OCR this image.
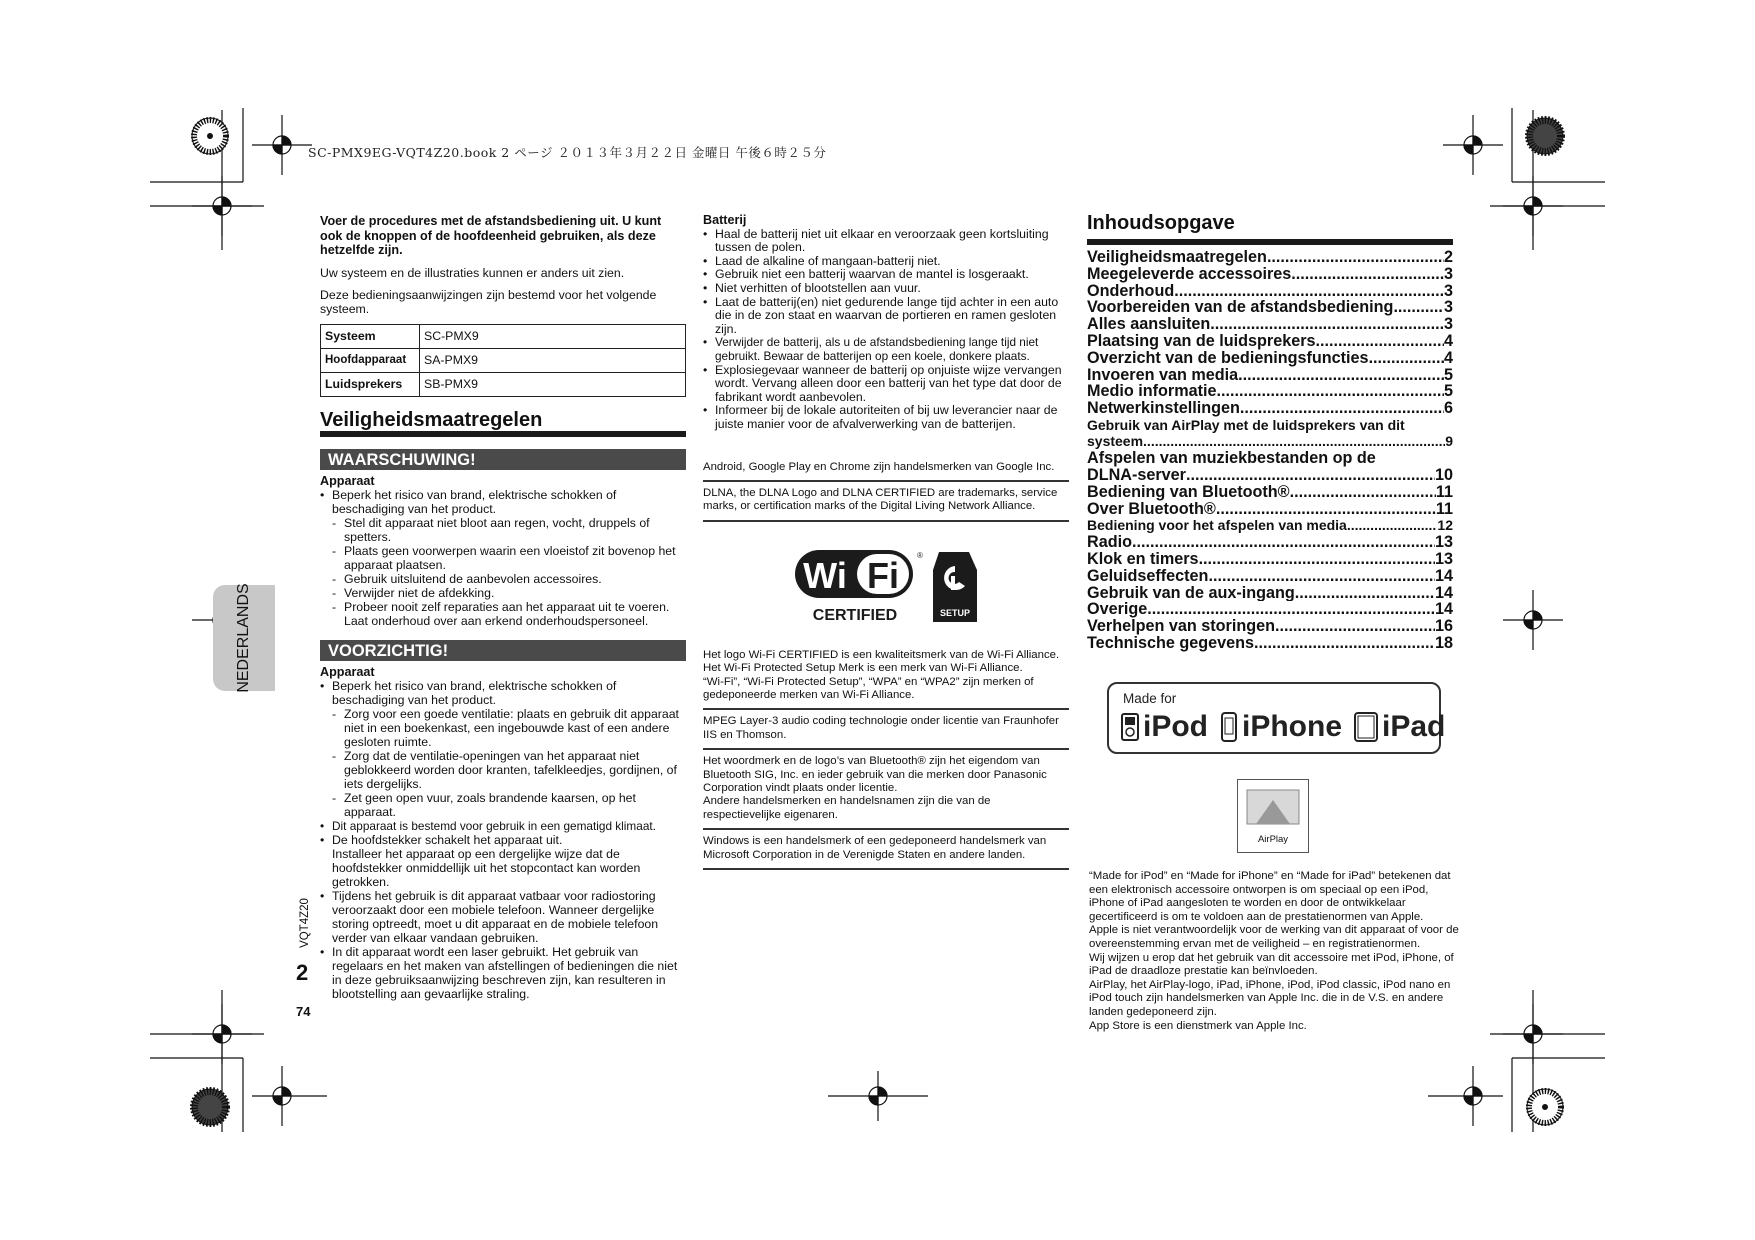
SC-PMX9EG-VQT4Z20.book 2 ページ ２０１３年３月２２日 金曜日 午後６時２５分
NEDERLANDS
VQT4Z20
2
74
Voer de procedures met de afstandsbediening uit. U kunt ook de knoppen of de hoofdeenheid gebruiken, als deze hetzelfde zijn.
Uw systeem en de illustraties kunnen er anders uit zien.
Deze bedieningsaanwijzingen zijn bestemd voor het volgende systeem.
Systeem	SC-PMX9
Hoofdapparaat	SA-PMX9
Luidsprekers	SB-PMX9
Veiligheidsmaatregelen
WAARSCHUWING!
Apparaat
• Beperk het risico van brand, elektrische schokken of beschadiging van het product.
- Stel dit apparaat niet bloot aan regen, vocht, druppels of spetters.
- Plaats geen voorwerpen waarin een vloeistof zit bovenop het apparaat plaatsen.
- Gebruik uitsluitend de aanbevolen accessoires.
- Verwijder niet de afdekking.
- Probeer nooit zelf reparaties aan het apparaat uit te voeren. Laat onderhoud over aan erkend onderhoudspersoneel.
VOORZICHTIG!
Apparaat
• Beperk het risico van brand, elektrische schokken of beschadiging van het product.
- Zorg voor een goede ventilatie: plaats en gebruik dit apparaat niet in een boekenkast, een ingebouwde kast of een andere gesloten ruimte.
- Zorg dat de ventilatie-openingen van het apparaat niet geblokkeerd worden door kranten, tafelkleedjes, gordijnen, of iets dergelijks.
- Zet geen open vuur, zoals brandende kaarsen, op het apparaat.
• Dit apparaat is bestemd voor gebruik in een gematigd klimaat.
• De hoofdstekker schakelt het apparaat uit.
Installeer het apparaat op een dergelijke wijze dat de hoofdstekker onmiddellijk uit het stopcontact kan worden getrokken.
• Tijdens het gebruik is dit apparaat vatbaar voor radiostoring veroorzaakt door een mobiele telefoon. Wanneer dergelijke storing optreedt, moet u dit apparaat en de mobiele telefoon verder van elkaar vandaan gebruiken.
• In dit apparaat wordt een laser gebruikt. Het gebruik van regelaars en het maken van afstellingen of bedieningen die niet in deze gebruiksaanwijzing beschreven zijn, kan resulteren in blootstelling aan gevaarlijke straling.
Batterij
• Haal de batterij niet uit elkaar en veroorzaak geen kortsluiting tussen de polen.
• Laad de alkaline of mangaan-batterij niet.
• Gebruik niet een batterij waarvan de mantel is losgeraakt.
• Niet verhitten of blootstellen aan vuur.
• Laat de batterij(en) niet gedurende lange tijd achter in een auto die in de zon staat en waarvan de portieren en ramen gesloten zijn.
• Verwijder de batterij, als u de afstandsbediening lange tijd niet gebruikt. Bewaar de batterijen op een koele, donkere plaats.
• Explosiegevaar wanneer de batterij op onjuiste wijze vervangen wordt. Vervang alleen door een batterij van het type dat door de fabrikant wordt aanbevolen.
• Informeer bij de lokale autoriteiten of bij uw leverancier naar de juiste manier voor de afvalverwerking van de batterijen.
Android, Google Play en Chrome zijn handelsmerken van Google Inc.
DLNA, the DLNA Logo and DLNA CERTIFIED are trademarks, service marks, or certification marks of the Digital Living Network Alliance.
Wi Fi ®
CERTIFIED	SETUP
Het logo Wi-Fi CERTIFIED is een kwaliteitsmerk van de Wi-Fi Alliance.
Het Wi-Fi Protected Setup Merk is een merk van Wi-Fi Alliance.
“Wi-Fi”, “Wi-Fi Protected Setup”, “WPA” en “WPA2” zijn merken of gedeponeerde merken van Wi-Fi Alliance.
MPEG Layer-3 audio coding technologie onder licentie van Fraunhofer IIS en Thomson.
Het woordmerk en de logo’s van Bluetooth® zijn het eigendom van Bluetooth SIG, Inc. en ieder gebruik van die merken door Panasonic Corporation vindt plaats onder licentie.
Andere handelsmerken en handelsnamen zijn die van de respectievelijke eigenaren.
Windows is een handelsmerk of een gedeponeerd handelsmerk van Microsoft Corporation in de Verenigde Staten en andere landen.
Inhoudsopgave
Veiligheidsmaatregelen .....	2
Meegeleverde accessoires .....	3
Onderhoud .....	3
Voorbereiden van de afstandsbediening .....	3
Alles aansluiten .....	3
Plaatsing van de luidsprekers .....	4
Overzicht van de bedieningsfuncties .....	4
Invoeren van media .....	5
Medio informatie .....	5
Netwerkinstellingen .....	6
Gebruik van AirPlay met de luidsprekers van dit
systeem .....	9
Afspelen van muziekbestanden op de
DLNA-server .....	10
Bediening van Bluetooth® .....	11
Over Bluetooth® .....	11
Bediening voor het afspelen van media .....	12
Radio .....	13
Klok en timers .....	13
Geluidseffecten .....	14
Gebruik van de aux-ingang .....	14
Overige .....	14
Verhelpen van storingen .....	16
Technische gegevens .....	18
Made for
iPod iPhone iPad
AirPlay
“Made for iPod” en “Made for iPhone” en “Made for iPad” betekenen dat een elektronisch accessoire ontworpen is om speciaal op een iPod, iPhone of iPad aangesloten te worden en door de ontwikkelaar gecertificeerd is om te voldoen aan de prestatienormen van Apple.
Apple is niet verantwoordelijk voor de werking van dit apparaat of voor de overeenstemming ervan met de veiligheid – en registratienormen.
Wij wijzen u erop dat het gebruik van dit accessoire met iPod, iPhone, of iPad de draadloze prestatie kan beïnvloeden.
AirPlay, het AirPlay-logo, iPad, iPhone, iPod, iPod classic, iPod nano en iPod touch zijn handelsmerken van Apple Inc. die in de V.S. en andere landen gedeponeerd zijn.
App Store is een dienstmerk van Apple Inc.
